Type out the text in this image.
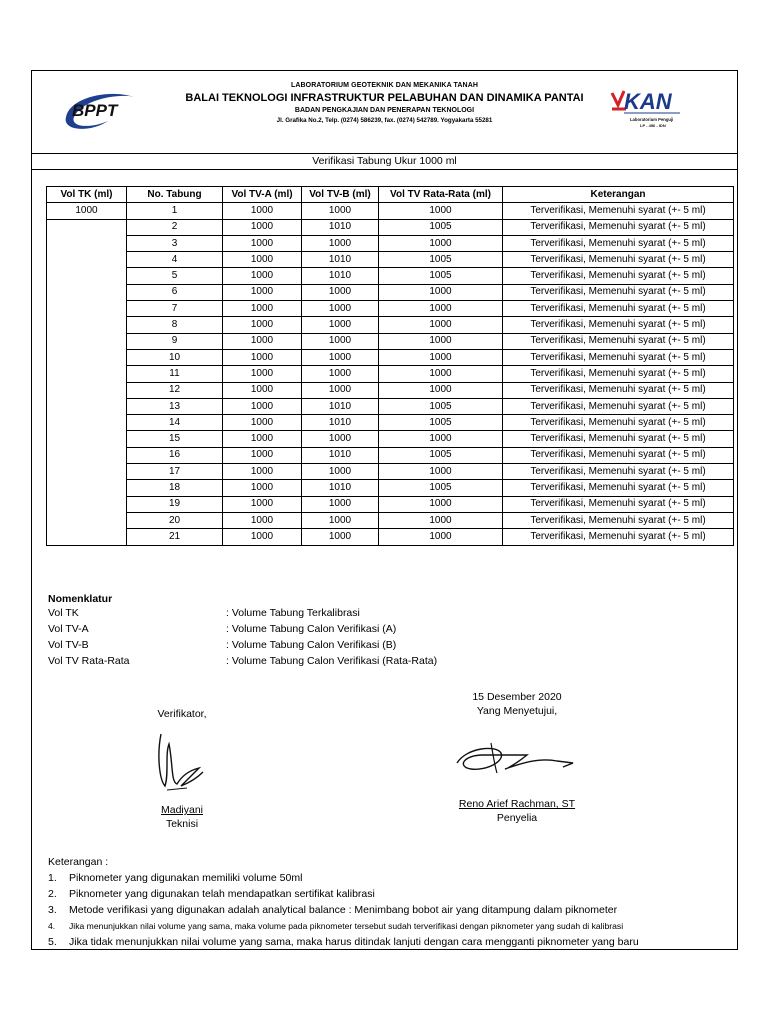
BPPT
LABORATORIUM GEOTEKNIK DAN MEKANIKA TANAH
BALAI TEKNOLOGI INFRASTRUKTUR PELABUHAN DAN DINAMIKA PANTAI
BADAN PENGKAJIAN DAN PENERAPAN TEKNOLOGI
Jl. Grafika No.2, Telp. (0274) 586239, fax. (0274) 542789. Yogyakarta 55281
KAN
Laboratorium Penguji
LP - 456 - IDN
Verifikasi Tabung Ukur 1000 ml
Vol TK (ml)	No. Tabung	Vol TV-A (ml)	Vol TV-B (ml)	Vol TV Rata-Rata (ml)	Keterangan
1000	1	1000	1000	1000	Terverifikasi, Memenuhi syarat (+- 5 ml)
	2	1000	1010	1005	Terverifikasi, Memenuhi syarat (+- 5 ml)
	3	1000	1000	1000	Terverifikasi, Memenuhi syarat (+- 5 ml)
	4	1000	1010	1005	Terverifikasi, Memenuhi syarat (+- 5 ml)
	5	1000	1010	1005	Terverifikasi, Memenuhi syarat (+- 5 ml)
	6	1000	1000	1000	Terverifikasi, Memenuhi syarat (+- 5 ml)
	7	1000	1000	1000	Terverifikasi, Memenuhi syarat (+- 5 ml)
	8	1000	1000	1000	Terverifikasi, Memenuhi syarat (+- 5 ml)
	9	1000	1000	1000	Terverifikasi, Memenuhi syarat (+- 5 ml)
	10	1000	1000	1000	Terverifikasi, Memenuhi syarat (+- 5 ml)
	11	1000	1000	1000	Terverifikasi, Memenuhi syarat (+- 5 ml)
	12	1000	1000	1000	Terverifikasi, Memenuhi syarat (+- 5 ml)
	13	1000	1010	1005	Terverifikasi, Memenuhi syarat (+- 5 ml)
	14	1000	1010	1005	Terverifikasi, Memenuhi syarat (+- 5 ml)
	15	1000	1000	1000	Terverifikasi, Memenuhi syarat (+- 5 ml)
	16	1000	1010	1005	Terverifikasi, Memenuhi syarat (+- 5 ml)
	17	1000	1000	1000	Terverifikasi, Memenuhi syarat (+- 5 ml)
	18	1000	1010	1005	Terverifikasi, Memenuhi syarat (+- 5 ml)
	19	1000	1000	1000	Terverifikasi, Memenuhi syarat (+- 5 ml)
	20	1000	1000	1000	Terverifikasi, Memenuhi syarat (+- 5 ml)
	21	1000	1000	1000	Terverifikasi, Memenuhi syarat (+- 5 ml)
Nomenklatur
Vol TK	: Volume Tabung Terkalibrasi
Vol TV-A	: Volume Tabung Calon Verifikasi (A)
Vol TV-B	: Volume Tabung Calon Verifikasi (B)
Vol TV Rata-Rata	: Volume Tabung Calon Verifikasi (Rata-Rata)
Verifikator,
Madiyani
Teknisi
15 Desember 2020
Yang Menyetujui,
Reno Arief Rachman, ST
Penyelia
Keterangan :
1. Piknometer yang digunakan memiliki volume 50ml
2. Piknometer yang digunakan telah mendapatkan sertifikat kalibrasi
3. Metode verifikasi yang digunakan adalah analytical balance : Menimbang bobot air yang ditampung dalam piknometer
4. Jika menunjukkan nilai volume yang sama, maka volume pada piknometer tersebut sudah terverifikasi dengan piknometer yang sudah di kalibrasi
5. Jika tidak menunjukkan nilai volume yang sama, maka harus ditindak lanjuti dengan cara mengganti piknometer yang baru
